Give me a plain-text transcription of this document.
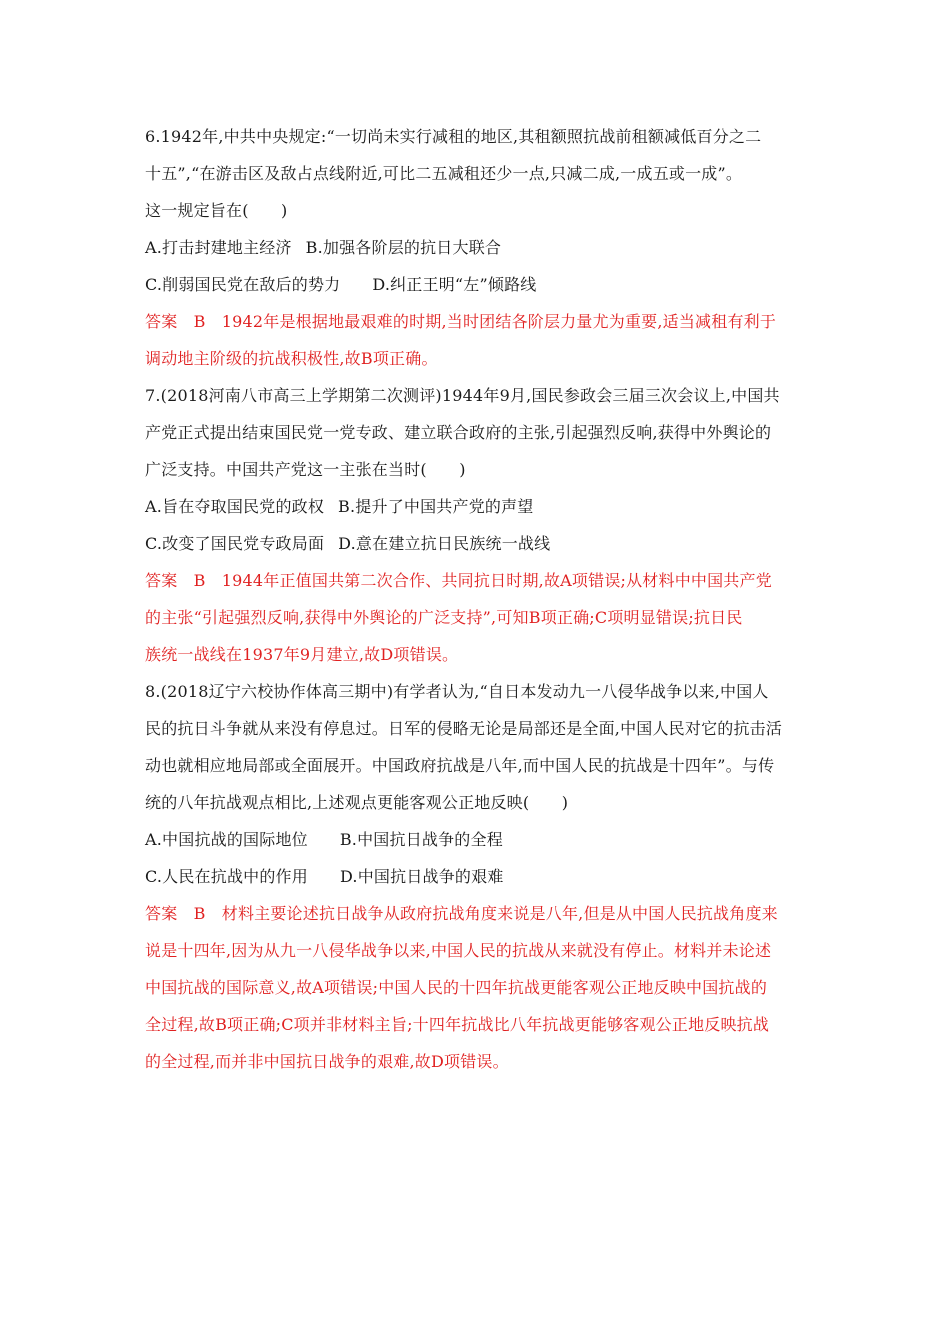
6.1942年,中共中央规定:“一切尚未实行减租的地区,其租额照抗战前租额减低百分之二
十五”,“在游击区及敌占点线附近,可比二五减租还少一点,只减二成,一成五或一成”。
这一规定旨在(　　)
A.打击封建地主经济 B.加强各阶层的抗日大联合
C.削弱国民党在敌后的势力 D.纠正王明“左”倾路线
答案　B　1942年是根据地最艰难的时期,当时团结各阶层力量尤为重要,适当减租有利于
调动地主阶级的抗战积极性,故B项正确。
7.(2018河南八市高三上学期第二次测评)1944年9月,国民参政会三届三次会议上,中国共
产党正式提出结束国民党一党专政、建立联合政府的主张,引起强烈反响,获得中外舆论的
广泛支持。中国共产党这一主张在当时(　　)
A.旨在夺取国民党的政权 B.提升了中国共产党的声望
C.改变了国民党专政局面 D.意在建立抗日民族统一战线
答案　B　1944年正值国共第二次合作、共同抗日时期,故A项错误;从材料中中国共产党
的主张“引起强烈反响,获得中外舆论的广泛支持”,可知B项正确;C项明显错误;抗日民
族统一战线在1937年9月建立,故D项错误。
8.(2018辽宁六校协作体高三期中)有学者认为,“自日本发动九一八侵华战争以来,中国人
民的抗日斗争就从来没有停息过。日军的侵略无论是局部还是全面,中国人民对它的抗击活
动也就相应地局部或全面展开。中国政府抗战是八年,而中国人民的抗战是十四年”。与传
统的八年抗战观点相比,上述观点更能客观公正地反映(　　)
A.中国抗战的国际地位 B.中国抗日战争的全程
C.人民在抗战中的作用 D.中国抗日战争的艰难
答案　B　材料主要论述抗日战争从政府抗战角度来说是八年,但是从中国人民抗战角度来
说是十四年,因为从九一八侵华战争以来,中国人民的抗战从来就没有停止。材料并未论述
中国抗战的国际意义,故A项错误;中国人民的十四年抗战更能客观公正地反映中国抗战的
全过程,故B项正确;C项并非材料主旨;十四年抗战比八年抗战更能够客观公正地反映抗战
的全过程,而并非中国抗日战争的艰难,故D项错误。
